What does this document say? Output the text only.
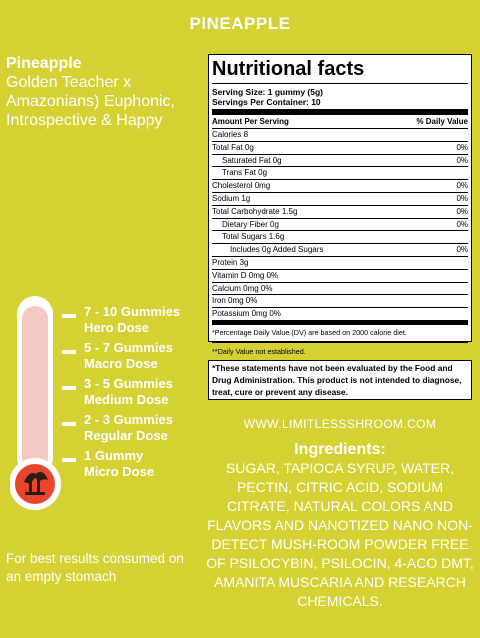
PINEAPPLE
Pineapple
Golden Teacher x Amazonians) Euphonic, Introspective & Happy
Nutritional facts
Serving Size: 1 gummy (5g)
Servings Per Container: 10
Amount Per Serving	% Daily Value
Calories 8
Total Fat 0g	0%
Saturated Fat 0g	0%
Trans Fat 0g
Cholesterol 0mg	0%
Sodium 1g	0%
Total Carbohydrate 1.5g	0%
Dietary Fiber 0g	0%
Total Sugars 1.6g
Includes 0g Added Sugars	0%
Protein 3g
Vitamin D 0mg 0%
Calcium 0mg 0%
Iron 0mg 0%
Potassium 0mg 0%
*Percentage Daily Value (DV) are based on 2000 calorie diet.
**Daily Value not established.
*These statements have not been evaluated by the Food and Drug Administration. This product is not intended to diagnose, treat, cure or prevent any disease.
WWW.LIMITLESSSHROOM.COM
Ingredients:
SUGAR, TAPIOCA SYRUP, WATER, PECTIN, CITRIC ACID, SODIUM CITRATE, NATURAL COLORS AND FLAVORS AND NANOTIZED NANO NON-DETECT MUSH-ROOM POWDER FREE OF PSILOCYBIN, PSILOCIN, 4-ACO DMT, AMANITA MUSCARIA AND RESEARCH CHEMICALS.
7 - 10 Gummies
Hero Dose
5 - 7 Gummies
Macro Dose
3 - 5 Gummies
Medium Dose
2 - 3 Gummies
Regular Dose
1 Gummy
Micro Dose
For best results consumed on an empty stomach
